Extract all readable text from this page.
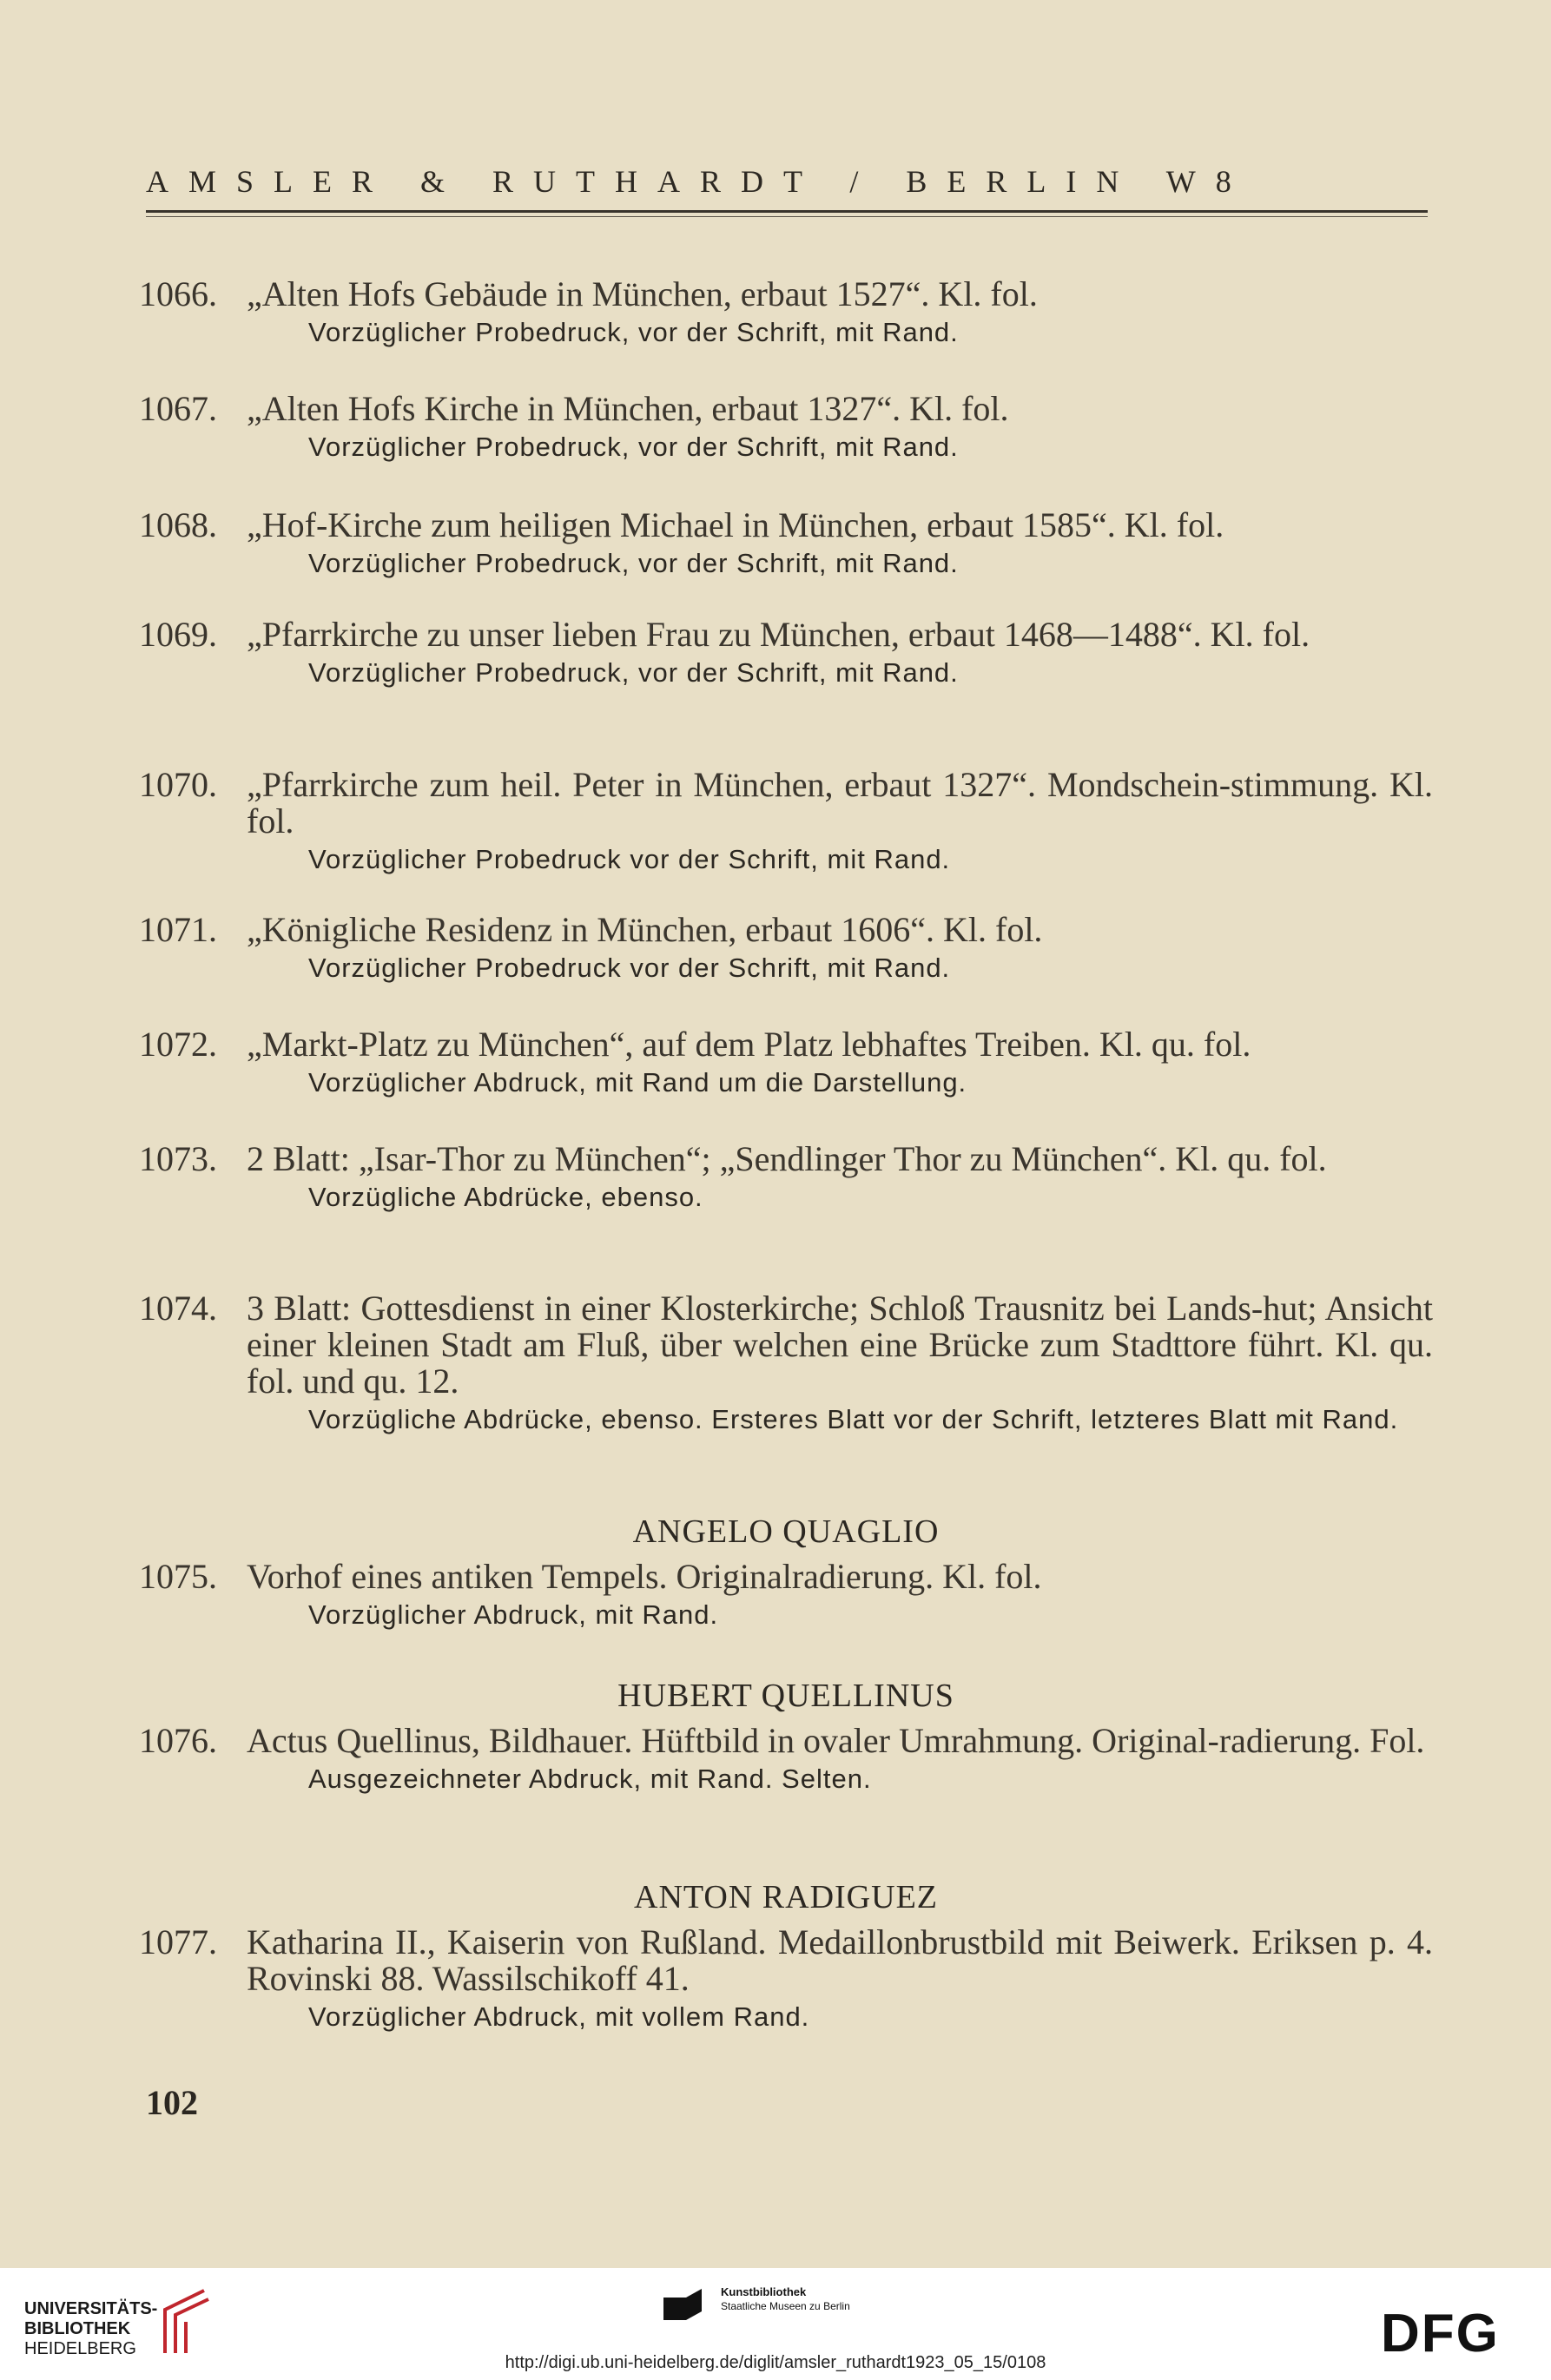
AMSLER & RUTHARDT / BERLIN W8
1066. „Alten Hofs Gebäude in München, erbaut 1527“. Kl. fol.
Vorzüglicher Probedruck, vor der Schrift, mit Rand.
1067. „Alten Hofs Kirche in München, erbaut 1327“. Kl. fol.
Vorzüglicher Probedruck, vor der Schrift, mit Rand.
1068. „Hof-Kirche zum heiligen Michael in München, erbaut 1585“. Kl. fol.
Vorzüglicher Probedruck, vor der Schrift, mit Rand.
1069. „Pfarrkirche zu unser lieben Frau zu München, erbaut 1468—1488“. Kl. fol.
Vorzüglicher Probedruck, vor der Schrift, mit Rand.
1070. „Pfarrkirche zum heil. Peter in München, erbaut 1327“. Mondschein-stimmung. Kl. fol.
Vorzüglicher Probedruck vor der Schrift, mit Rand.
1071. „Königliche Residenz in München, erbaut 1606“. Kl. fol.
Vorzüglicher Probedruck vor der Schrift, mit Rand.
1072. „Markt-Platz zu München“, auf dem Platz lebhaftes Treiben. Kl. qu. fol.
Vorzüglicher Abdruck, mit Rand um die Darstellung.
1073. 2 Blatt: „Isar-Thor zu München“; „Sendlinger Thor zu München“. Kl. qu. fol.
Vorzügliche Abdrücke, ebenso.
1074. 3 Blatt: Gottesdienst in einer Klosterkirche; Schloß Trausnitz bei Lands-hut; Ansicht einer kleinen Stadt am Fluß, über welchen eine Brücke zum Stadttore führt. Kl. qu. fol. und qu. 12.
Vorzügliche Abdrücke, ebenso. Ersteres Blatt vor der Schrift, letzteres Blatt mit Rand.
ANGELO QUAGLIO
1075. Vorhof eines antiken Tempels. Originalradierung. Kl. fol.
Vorzüglicher Abdruck, mit Rand.
HUBERT QUELLINUS
1076. Actus Quellinus, Bildhauer. Hüftbild in ovaler Umrahmung. Original-radierung. Fol.
Ausgezeichneter Abdruck, mit Rand. Selten.
ANTON RADIGUEZ
1077. Katharina II., Kaiserin von Rußland. Medaillonbrustbild mit Beiwerk. Eriksen p. 4. Rovinski 88. Wassilschikoff 41.
Vorzüglicher Abdruck, mit vollem Rand.
102
UNIVERSITÄTS-
BIBLIOTHEK
HEIDELBERG
Kunstbibliothek
Staatliche Museen zu Berlin	DFG
http://digi.ub.uni-heidelberg.de/diglit/amsler_ruthardt1923_05_15/0108
